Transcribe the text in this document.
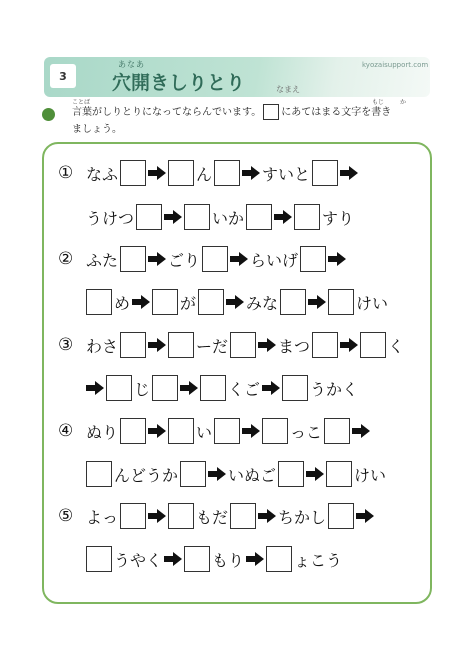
3
あなあ
穴開きしりとり	なまえ
kyozaisupport.com
ことば	もじ	か
言葉がしりとりになってならんでいます。 にあてはまる文字を書き
ましょう。
① なふ	ん	すいと
うけつ	いか	すり
② ふた	ごり	らいげ
め	が	みな	けい
③ わさ	ーだ	まつ	く
じ	くご	うかく
④ ぬり	い	っこ
んどうか	いぬご	けい
⑤ よっ	もだ	ちかし
うやく	もり	ょこう
